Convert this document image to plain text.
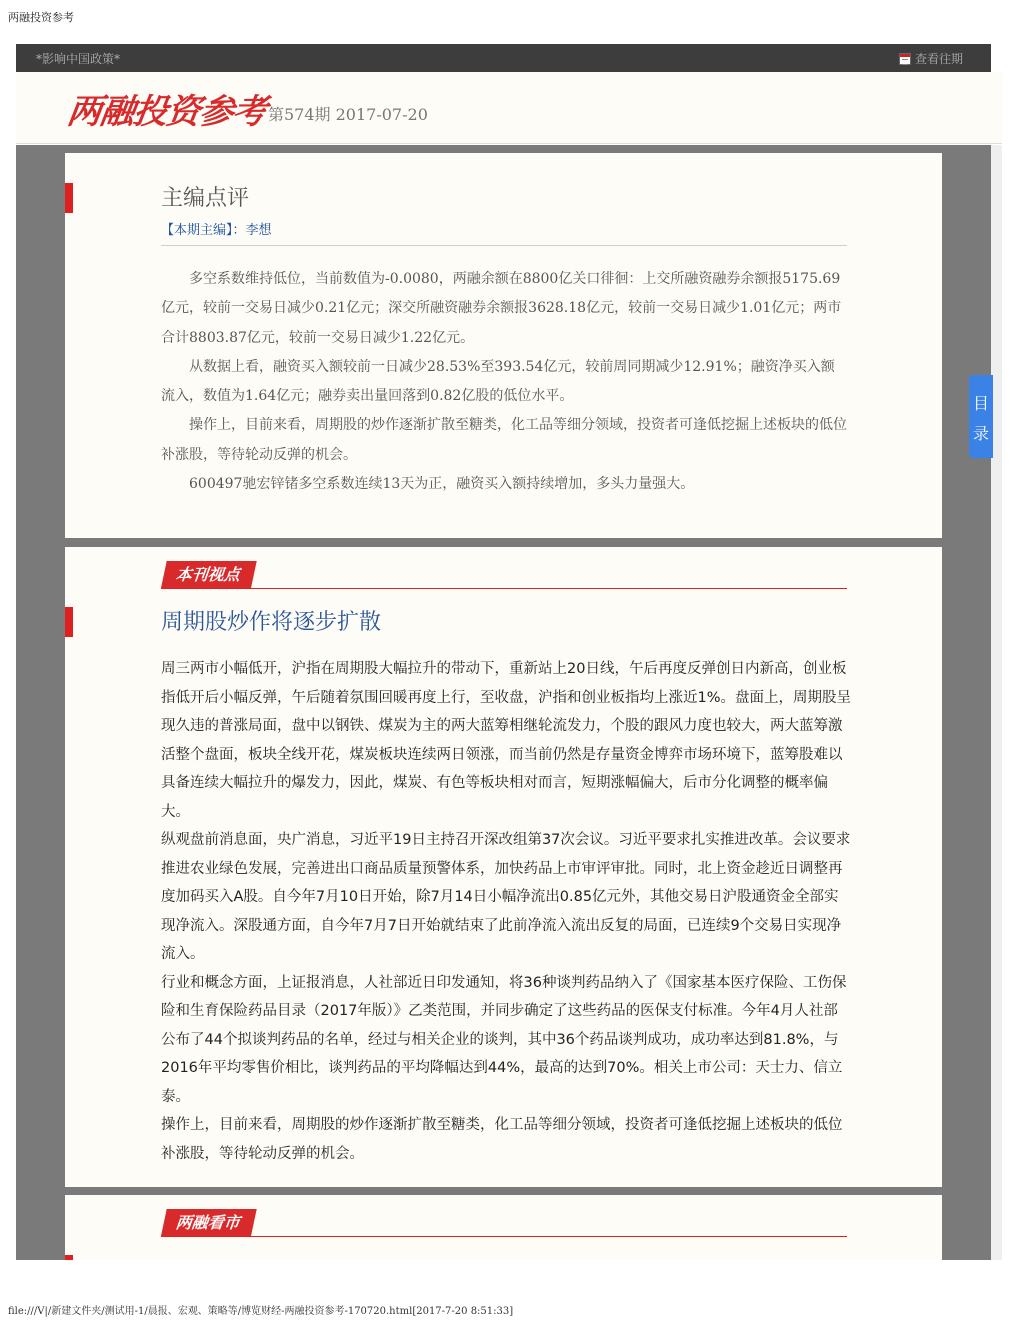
两融投资参考
*影响中国政策*	查看往期
两融投资参考 第574期 2017-07-20
主编点评
【本期主编】：李想

多空系数维持低位，当前数值为-0.0080，两融余额在8800亿关口徘徊：上交所融资融券余额报5175.69亿元，较前一交易日减少0.21亿元；深交所融资融券余额报3628.18亿元，较前一交易日减少1.01亿元；两市合计8803.87亿元，较前一交易日减少1.22亿元。

从数据上看，融资买入额较前一日减少28.53%至393.54亿元，较前周同期减少12.91%；融资净买入额流入，数值为1.64亿元；融券卖出量回落到0.82亿股的低位水平。

操作上，目前来看，周期股的炒作逐渐扩散至糖类，化工品等细分领域，投资者可逢低挖掘上述板块的低位补涨股，等待轮动反弹的机会。

600497驰宏锌锗多空系数连续13天为正，融资买入额持续增加，多头力量强大。

本刊视点
周期股炒作将逐步扩散

周三两市小幅低开，沪指在周期股大幅拉升的带动下，重新站上20日线，午后再度反弹创日内新高，创业板指低开后小幅反弹，午后随着氛围回暖再度上行，至收盘，沪指和创业板指均上涨近1%。盘面上，周期股呈现久违的普涨局面，盘中以钢铁、煤炭为主的两大蓝筹相继轮流发力，个股的跟风力度也较大，两大蓝筹激活整个盘面，板块全线开花，煤炭板块连续两日领涨，而当前仍然是存量资金博弈市场环境下，蓝筹股难以具备连续大幅拉升的爆发力，因此，煤炭、有色等板块相对而言，短期涨幅偏大，后市分化调整的概率偏大。

纵观盘前消息面，央广消息，习近平19日主持召开深改组第37次会议。习近平要求扎实推进改革。会议要求推进农业绿色发展，完善进出口商品质量预警体系，加快药品上市审评审批。同时，北上资金趁近日调整再度加码买入A股。自今年7月10日开始，除7月14日小幅净流出0.85亿元外，其他交易日沪股通资金全部实现净流入。深股通方面，自今年7月7日开始就结束了此前净流入流出反复的局面，已连续9个交易日实现净流入。

行业和概念方面，上证报消息，人社部近日印发通知，将36种谈判药品纳入了《国家基本医疗保险、工伤保险和生育保险药品目录（2017年版）》乙类范围，并同步确定了这些药品的医保支付标准。今年4月人社部公布了44个拟谈判药品的名单，经过与相关企业的谈判，其中36个药品谈判成功，成功率达到81.8%，与2016年平均零售价相比，谈判药品的平均降幅达到44%，最高的达到70%。相关上市公司：天士力、信立泰。

操作上，目前来看，周期股的炒作逐渐扩散至糖类，化工品等细分领域，投资者可逢低挖掘上述板块的低位补涨股，等待轮动反弹的机会。

两融看市
目
录
file:///V|/新建文件夹/测试用-1/晨报、宏观、策略等/博览财经-两融投资参考-170720.html[2017-7-20 8:51:33]
